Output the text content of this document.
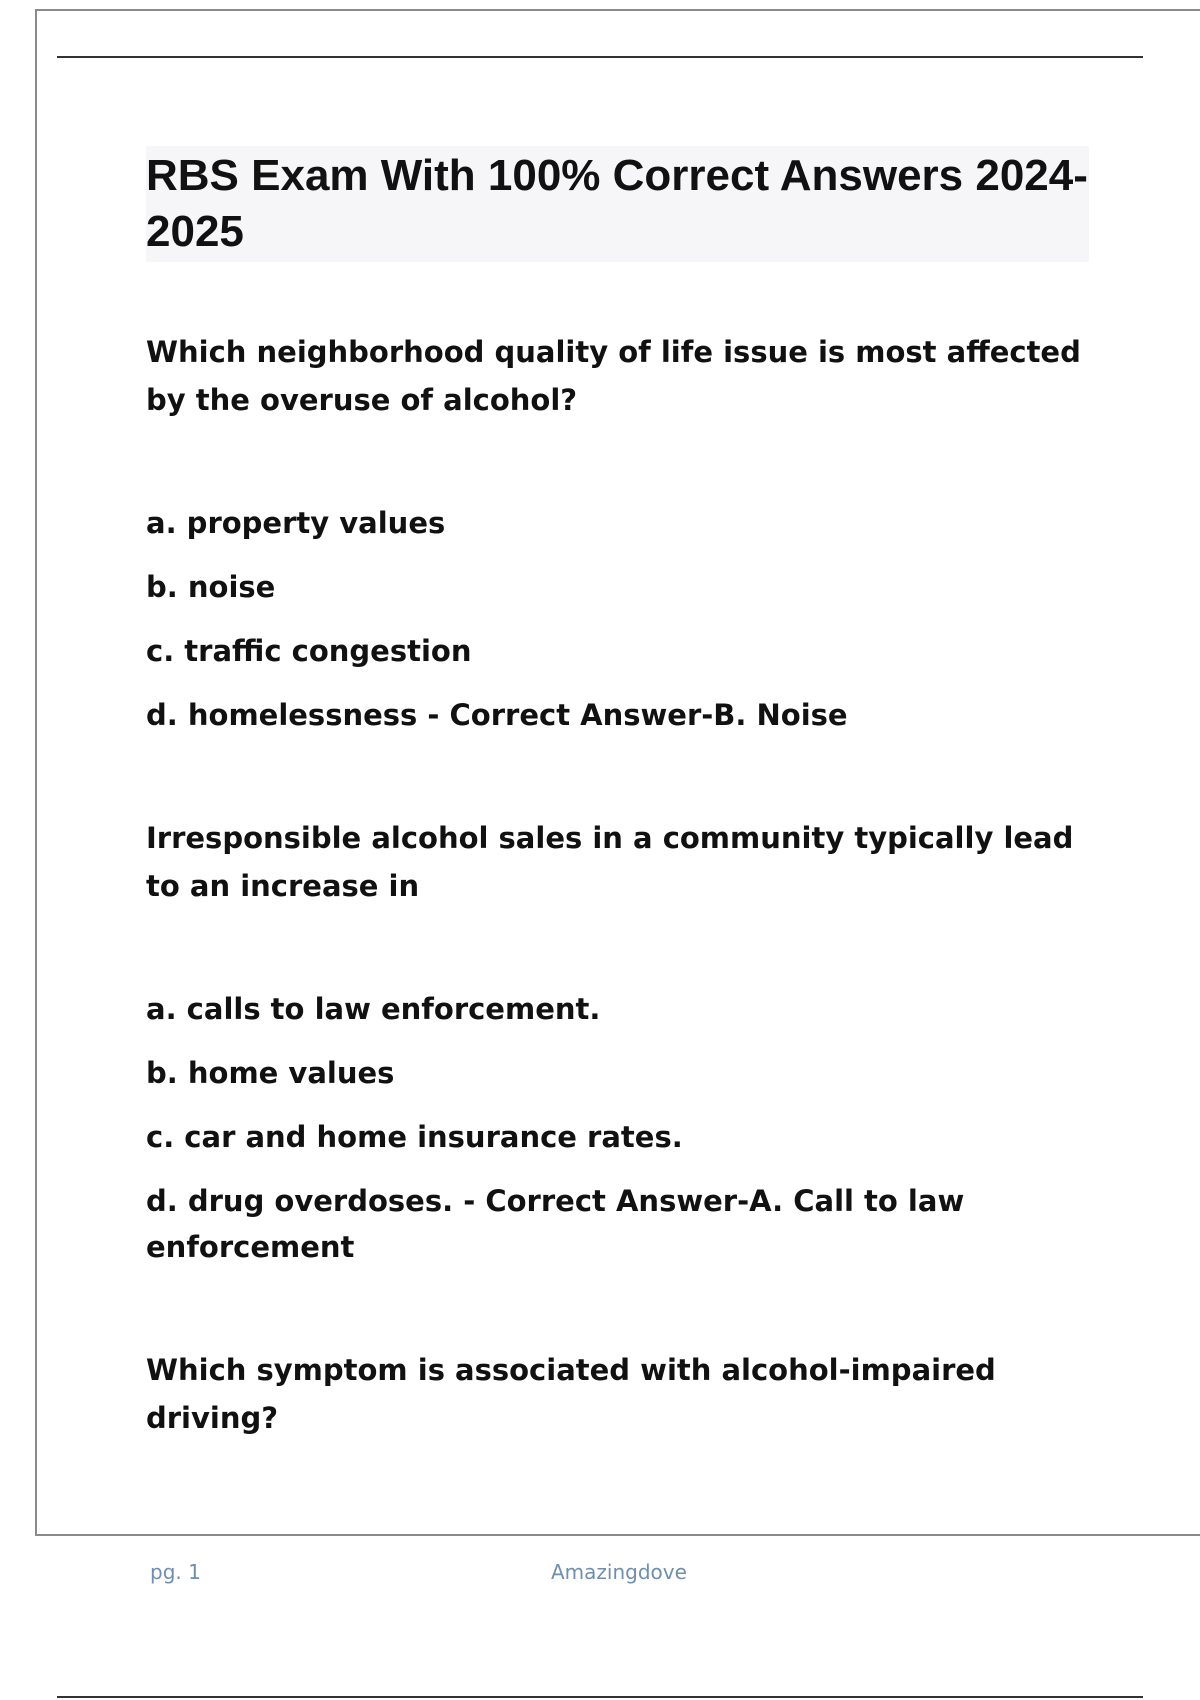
RBS Exam With 100% Correct Answers 2024-2025

Which neighborhood quality of life issue is most affected by the overuse of alcohol?

a. property values

b. noise

c. traffic congestion

d. homelessness - Correct Answer-B. Noise

Irresponsible alcohol sales in a community typically lead to an increase in

a. calls to law enforcement.

b. home values

c. car and home insurance rates.

d. drug overdoses. - Correct Answer-A. Call to law enforcement

Which symptom is associated with alcohol-impaired driving?

pg. 1	Amazingdove
